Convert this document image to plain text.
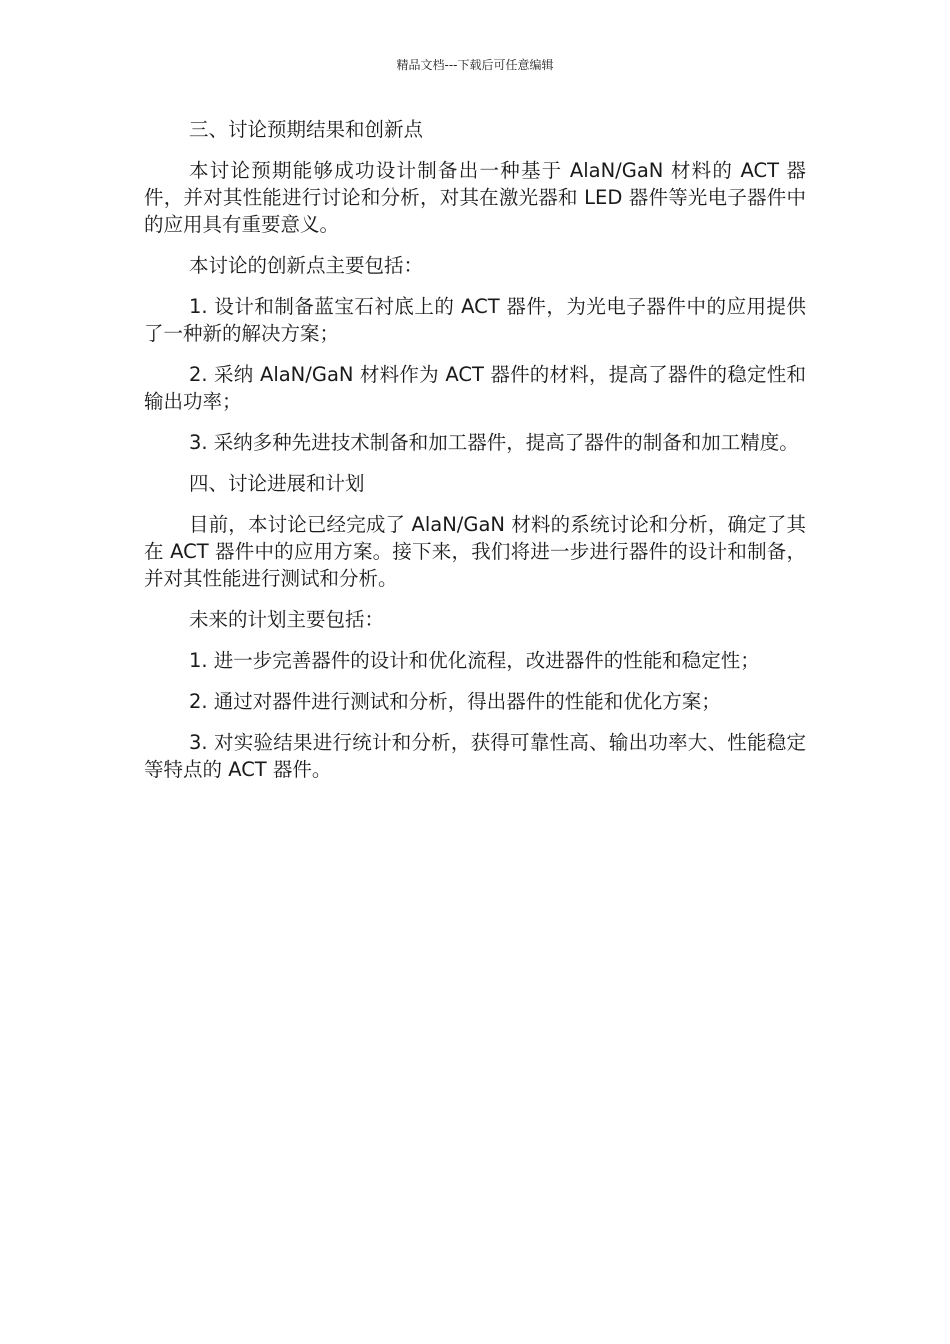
精品文档---下载后可任意编辑

三、讨论预期结果和创新点

本讨论预期能够成功设计制备出一种基于 AlaN/GaN 材料的 ACT 器件，并对其性能进行讨论和分析，对其在激光器和 LED 器件等光电子器件中的应用具有重要意义。

本讨论的创新点主要包括：

1. 设计和制备蓝宝石衬底上的 ACT 器件，为光电子器件中的应用提供了一种新的解决方案；

2. 采纳 AlaN/GaN 材料作为 ACT 器件的材料，提高了器件的稳定性和输出功率；

3. 采纳多种先进技术制备和加工器件，提高了器件的制备和加工精度。

四、讨论进展和计划

目前，本讨论已经完成了 AlaN/GaN 材料的系统讨论和分析，确定了其在 ACT 器件中的应用方案。接下来，我们将进一步进行器件的设计和制备，并对其性能进行测试和分析。

未来的计划主要包括：

1. 进一步完善器件的设计和优化流程，改进器件的性能和稳定性；

2. 通过对器件进行测试和分析，得出器件的性能和优化方案；

3. 对实验结果进行统计和分析，获得可靠性高、输出功率大、性能稳定等特点的 ACT 器件。
